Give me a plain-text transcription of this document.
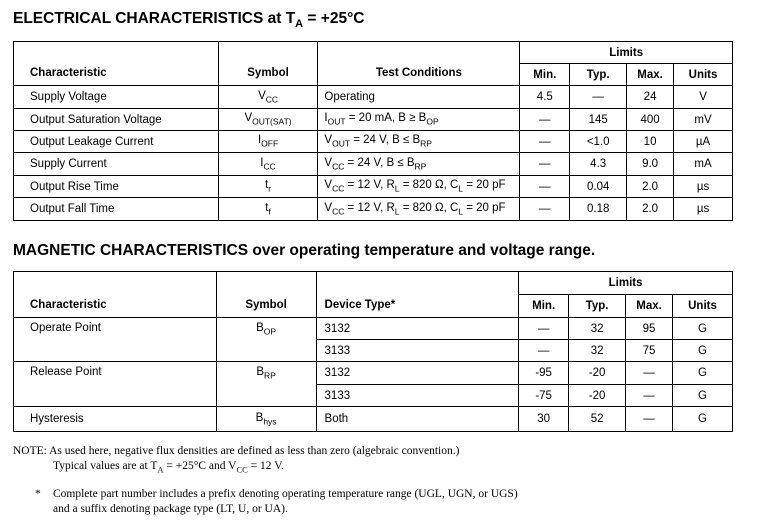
ELECTRICAL CHARACTERISTICS at $T_A = +25^\circ C$
Characteristic	Symbol	Test Conditions	Limits			
			Min.	Typ.	Max.	Units
Supply Voltage	$V_{CC}$	Operating	4.5	—	24	V
Output Saturation Voltage	$V_{OUT(SAT)}$	$I_{OUT} = 20$ mA, $B \ge B_{OP}$	—	145	400	mV
Output Leakage Current	$I_{OFF}$	$V_{OUT} = 24$ V, $B \le B_{RP}$	—	<1.0	10	µA
Supply Current	$I_{CC}$	$V_{CC} = 24$ V, $B \le B_{RP}$	—	4.3	9.0	mA
Output Rise Time	$t_r$	$V_{CC} = 12$ V, $R_L = 820$ Ω, $C_L = 20$ pF	—	0.04	2.0	µs
Output Fall Time	$t_f$	$V_{CC} = 12$ V, $R_L = 820$ Ω, $C_L = 20$ pF	—	0.18	2.0	µs
MAGNETIC CHARACTERISTICS over operating temperature and voltage range.
Characteristic	Symbol	Device Type*	Limits			
			Min.	Typ.	Max.	Units
Operate Point	$B_{OP}$	3132	—	32	95	G
		3133	—	32	75	G
Release Point	$B_{RP}$	3132	-95	-20	—	G
		3133	-75	-20	—	G
Hysteresis	$B_{hys}$	Both	30	52	—	G
NOTE: As used here, negative flux densities are defined as less than zero (algebraic convention.)
Typical values are at $T_A = +25^\circ C$ and $V_{CC} = 12$ V.
* Complete part number includes a prefix denoting operating temperature range (UGL, UGN, or UGS)
and a suffix denoting package type (LT, U, or UA).
